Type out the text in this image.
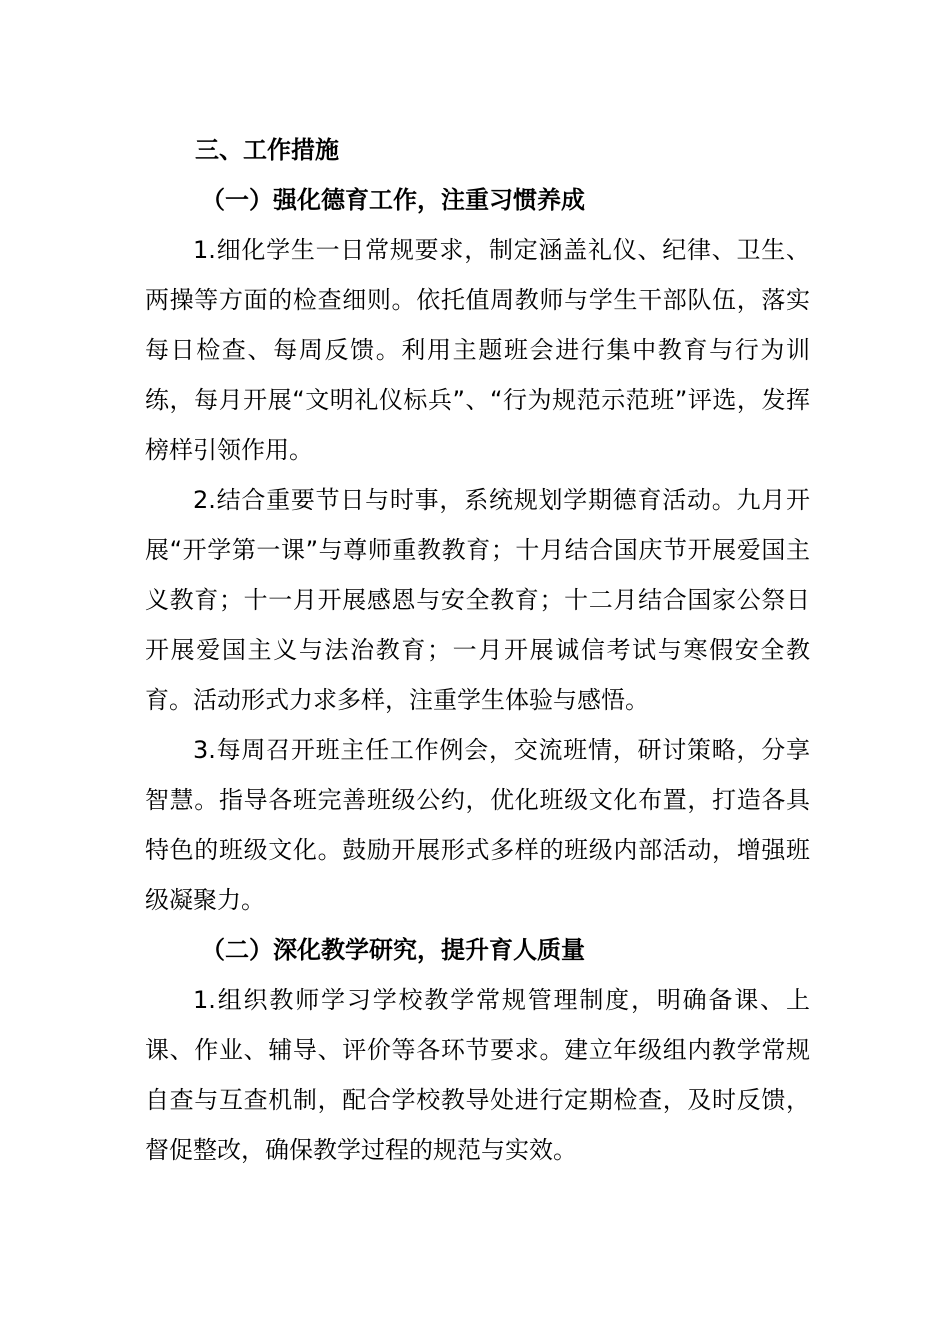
三、工作措施
（一）强化德育工作，注重习惯养成

1.细化学生一日常规要求，制定涵盖礼仪、纪律、卫生、两操等方面的检查细则。依托值周教师与学生干部队伍，落实每日检查、每周反馈。利用主题班会进行集中教育与行为训练，每月开展“文明礼仪标兵”、“行为规范示范班”评选，发挥榜样引领作用。

2.结合重要节日与时事，系统规划学期德育活动。九月开展“开学第一课”与尊师重教教育；十月结合国庆节开展爱国主义教育；十一月开展感恩与安全教育；十二月结合国家公祭日开展爱国主义与法治教育；一月开展诚信考试与寒假安全教育。活动形式力求多样，注重学生体验与感悟。

3.每周召开班主任工作例会，交流班情，研讨策略，分享智慧。指导各班完善班级公约，优化班级文化布置，打造各具特色的班级文化。鼓励开展形式多样的班级内部活动，增强班级凝聚力。

（二）深化教学研究，提升育人质量

1.组织教师学习学校教学常规管理制度，明确备课、上课、作业、辅导、评价等各环节要求。建立年级组内教学常规自查与互查机制，配合学校教导处进行定期检查，及时反馈，督促整改，确保教学过程的规范与实效。
